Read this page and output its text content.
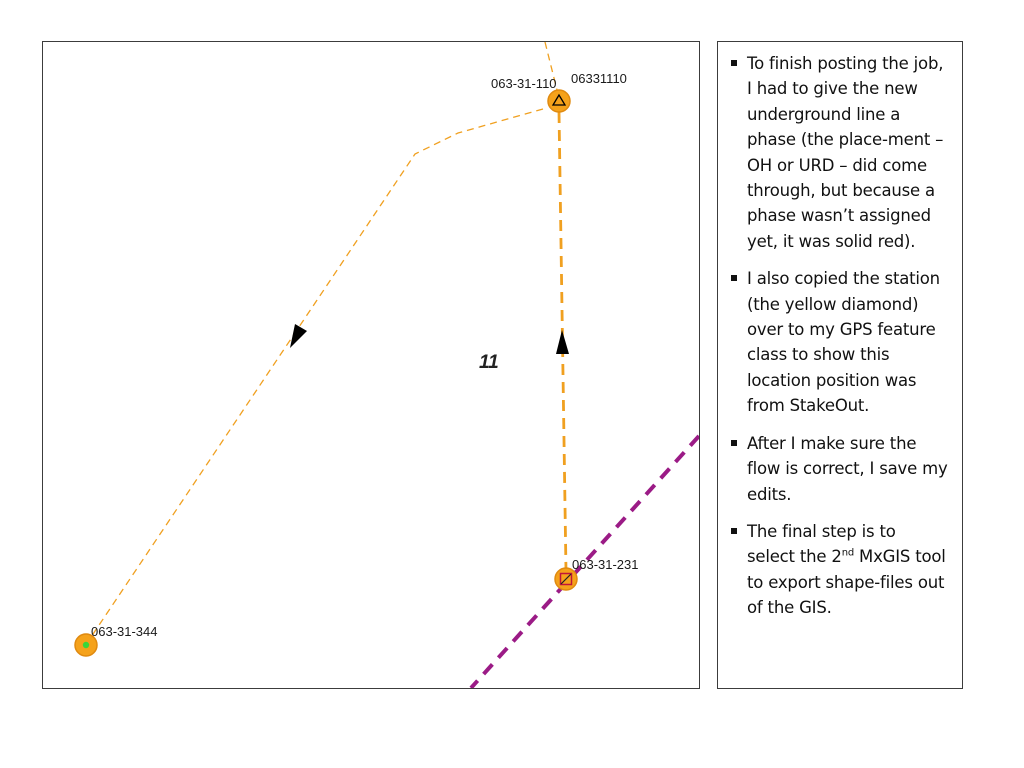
063-31-110 06331110
063-31-231
063-31-344
11
To finish posting the job, I had to give the new underground line a phase (the place-ment – OH or URD – did come through, but because a phase wasn’t assigned yet, it was solid red).
I also copied the station (the yellow diamond) over to my GPS feature class to show this location position was from StakeOut.
After I make sure the flow is correct, I save my edits.
The final step is to select the 2nd MxGIS tool to export shape-files out of the GIS.
